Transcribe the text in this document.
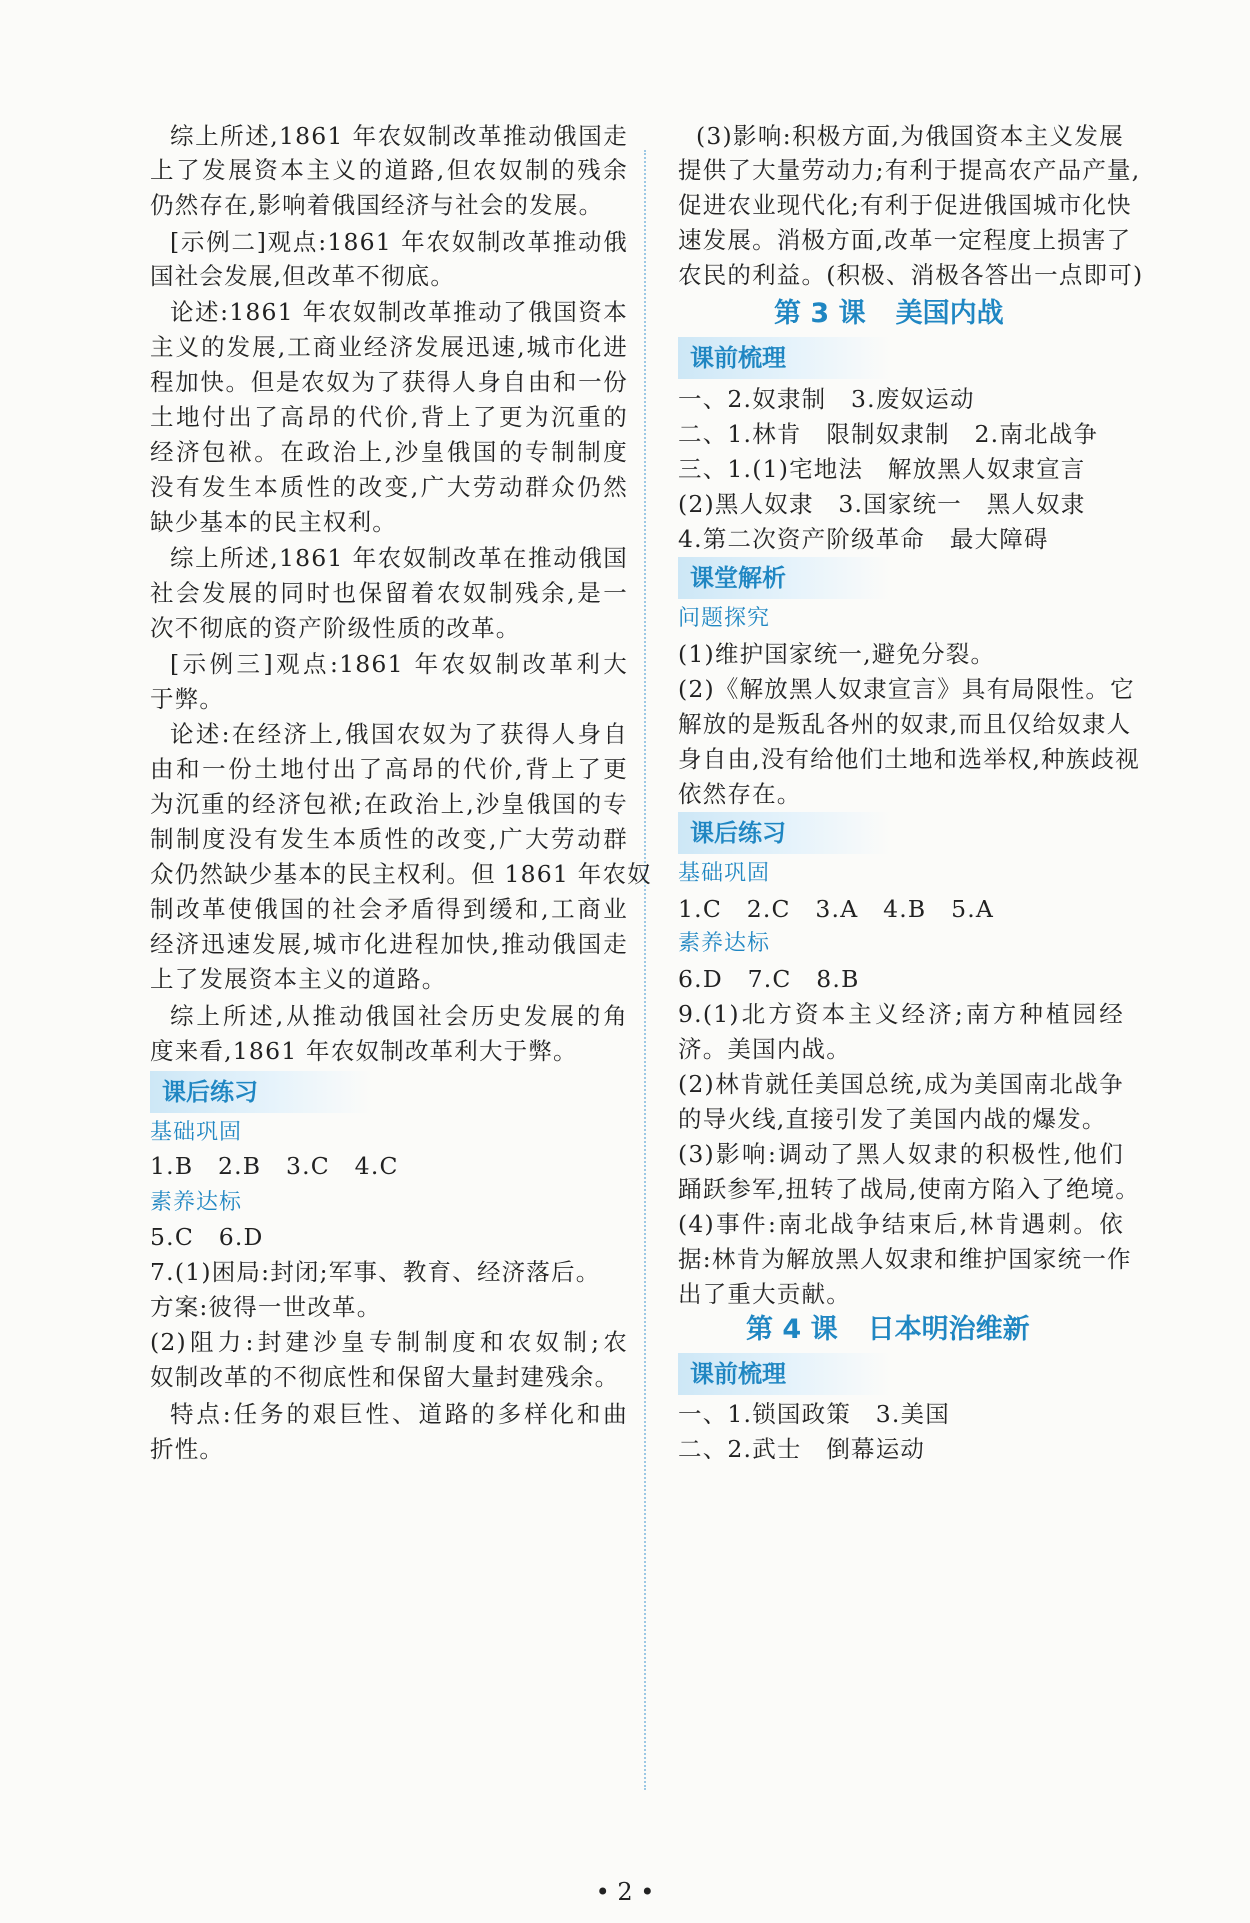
综上所述,1861 年农奴制改革推动俄国走
上了发展资本主义的道路,但农奴制的残余
仍然存在,影响着俄国经济与社会的发展。
[示例二]观点:1861 年农奴制改革推动俄
国社会发展,但改革不彻底。
论述:1861 年农奴制改革推动了俄国资本
主义的发展,工商业经济发展迅速,城市化进
程加快。但是农奴为了获得人身自由和一份
土地付出了高昂的代价,背上了更为沉重的
经济包袱。在政治上,沙皇俄国的专制制度
没有发生本质性的改变,广大劳动群众仍然
缺少基本的民主权利。
综上所述,1861 年农奴制改革在推动俄国
社会发展的同时也保留着农奴制残余,是一
次不彻底的资产阶级性质的改革。
[示例三]观点:1861 年农奴制改革利大
于弊。
论述:在经济上,俄国农奴为了获得人身自
由和一份土地付出了高昂的代价,背上了更
为沉重的经济包袱;在政治上,沙皇俄国的专
制制度没有发生本质性的改变,广大劳动群
众仍然缺少基本的民主权利。但 1861 年农奴
制改革使俄国的社会矛盾得到缓和,工商业
经济迅速发展,城市化进程加快,推动俄国走
上了发展资本主义的道路。
综上所述,从推动俄国社会历史发展的角
度来看,1861 年农奴制改革利大于弊。
课后练习
基础巩固
1.B　2.B　3.C　4.C
素养达标
5.C　6.D
7.(1)困局:封闭;军事、教育、经济落后。
方案:彼得一世改革。
(2)阻力:封建沙皇专制制度和农奴制;农
奴制改革的不彻底性和保留大量封建残余。
特点:任务的艰巨性、道路的多样化和曲
折性。
(3)影响:积极方面,为俄国资本主义发展
提供了大量劳动力;有利于提高农产品产量,
促进农业现代化;有利于促进俄国城市化快
速发展。消极方面,改革一定程度上损害了
农民的利益。(积极、消极各答出一点即可)
第 3 课 美国内战
课前梳理
一、2.奴隶制　3.废奴运动
二、1.林肯　限制奴隶制　2.南北战争
三、1.(1)宅地法　解放黑人奴隶宣言
(2)黑人奴隶　3.国家统一　黑人奴隶
4.第二次资产阶级革命　最大障碍
课堂解析
问题探究
(1)维护国家统一,避免分裂。
(2)《解放黑人奴隶宣言》具有局限性。它
解放的是叛乱各州的奴隶,而且仅给奴隶人
身自由,没有给他们土地和选举权,种族歧视
依然存在。
课后练习
基础巩固
1.C　2.C　3.A　4.B　5.A
素养达标
6.D　7.C　8.B
9.(1)北方资本主义经济;南方种植园经
济。美国内战。
(2)林肯就任美国总统,成为美国南北战争
的导火线,直接引发了美国内战的爆发。
(3)影响:调动了黑人奴隶的积极性,他们
踊跃参军,扭转了战局,使南方陷入了绝境。
(4)事件:南北战争结束后,林肯遇刺。依
据:林肯为解放黑人奴隶和维护国家统一作
出了重大贡献。
第 4 课 日本明治维新
课前梳理
一、1.锁国政策　3.美国
二、2.武士　倒幕运动
• 2 •
